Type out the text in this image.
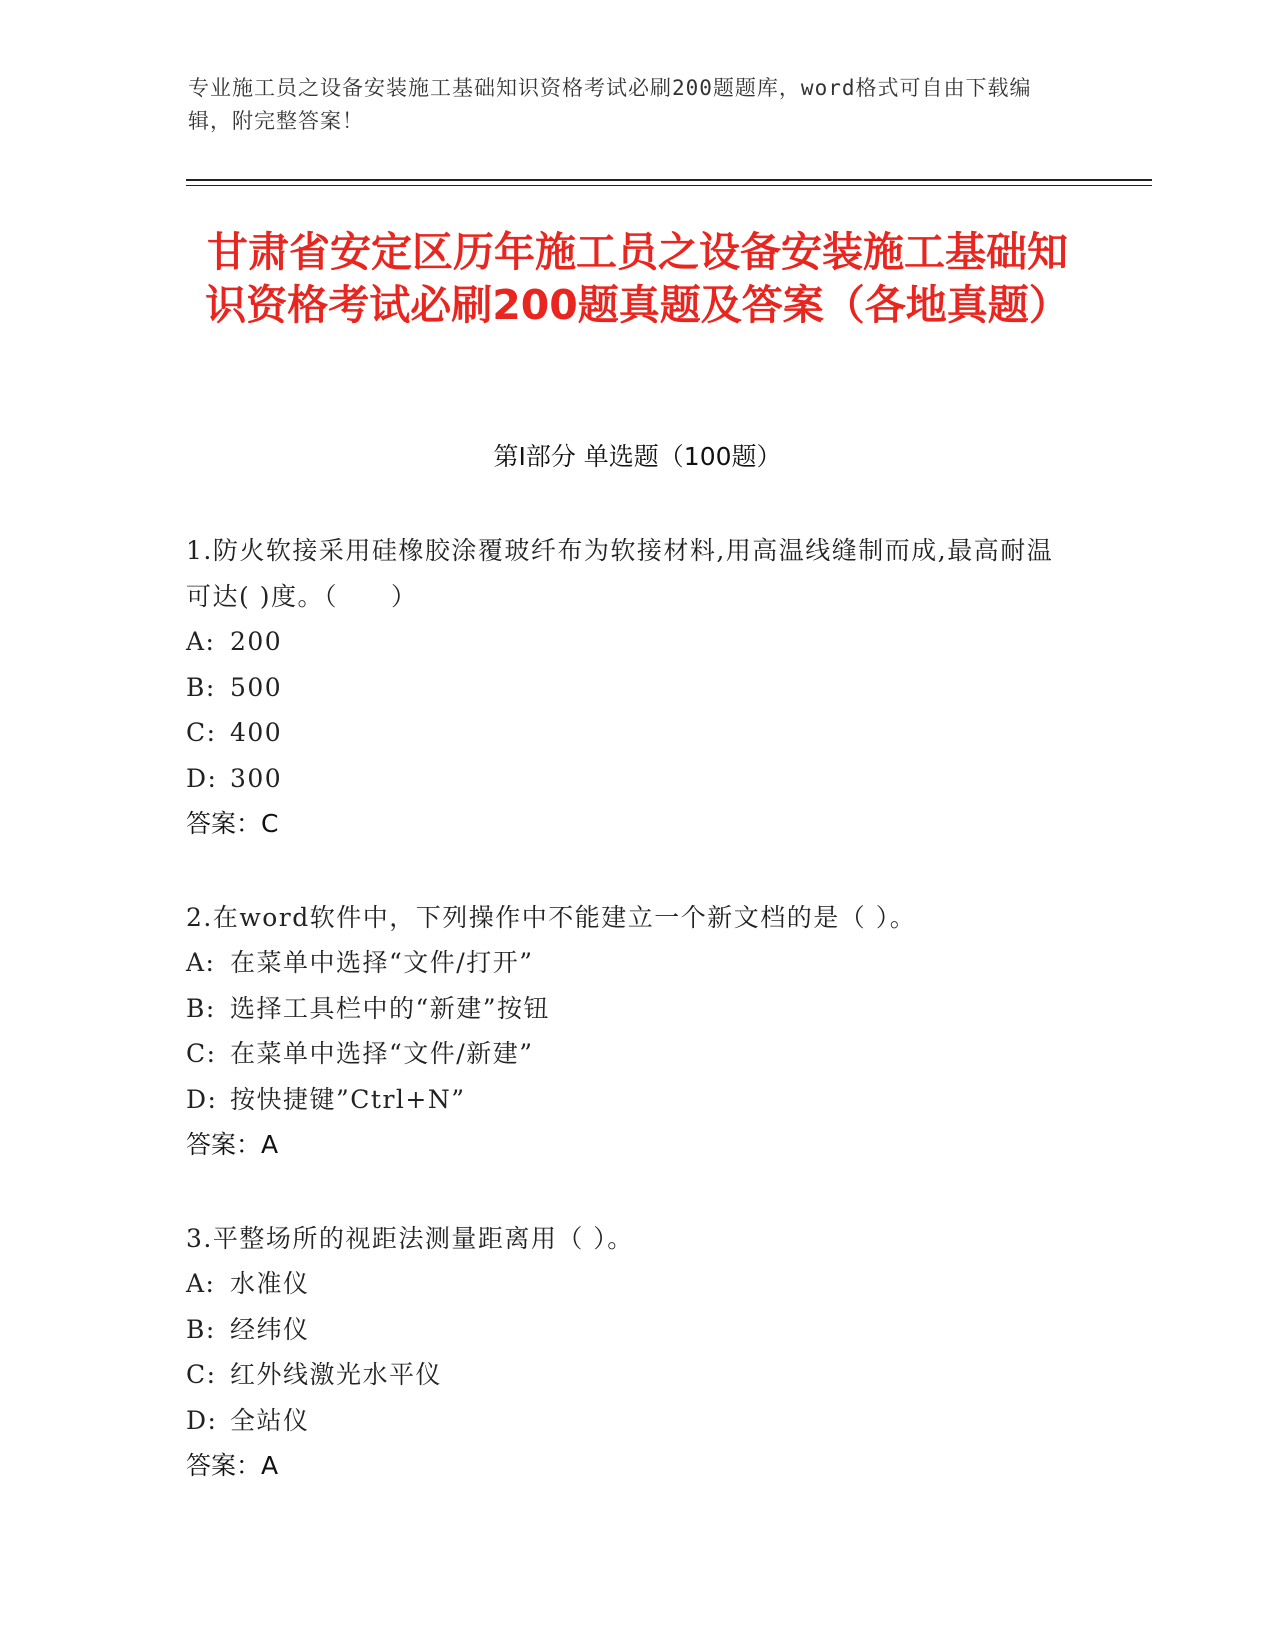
专业施工员之设备安装施工基础知识资格考试必刷200题题库，word格式可自由下载编辑，附完整答案！
甘肃省安定区历年施工员之设备安装施工基础知识资格考试必刷200题真题及答案（各地真题）
第Ⅰ部分 单选题（100题）
1.防火软接采用硅橡胶涂覆玻纤布为软接材料,用高温线缝制而成,最高耐温可达( )度。（　　）
A: 200
B: 500
C: 400
D: 300
答案：C
2.在word软件中，下列操作中不能建立一个新文档的是（ ）。
A: 在菜单中选择“文件/打开”
B: 选择工具栏中的“新建”按钮
C: 在菜单中选择“文件/新建”
D: 按快捷键”Ctrl+N”
答案：A
3.平整场所的视距法测量距离用（ ）。
A: 水准仪
B: 经纬仪
C: 红外线激光水平仪
D: 全站仪
答案：A
